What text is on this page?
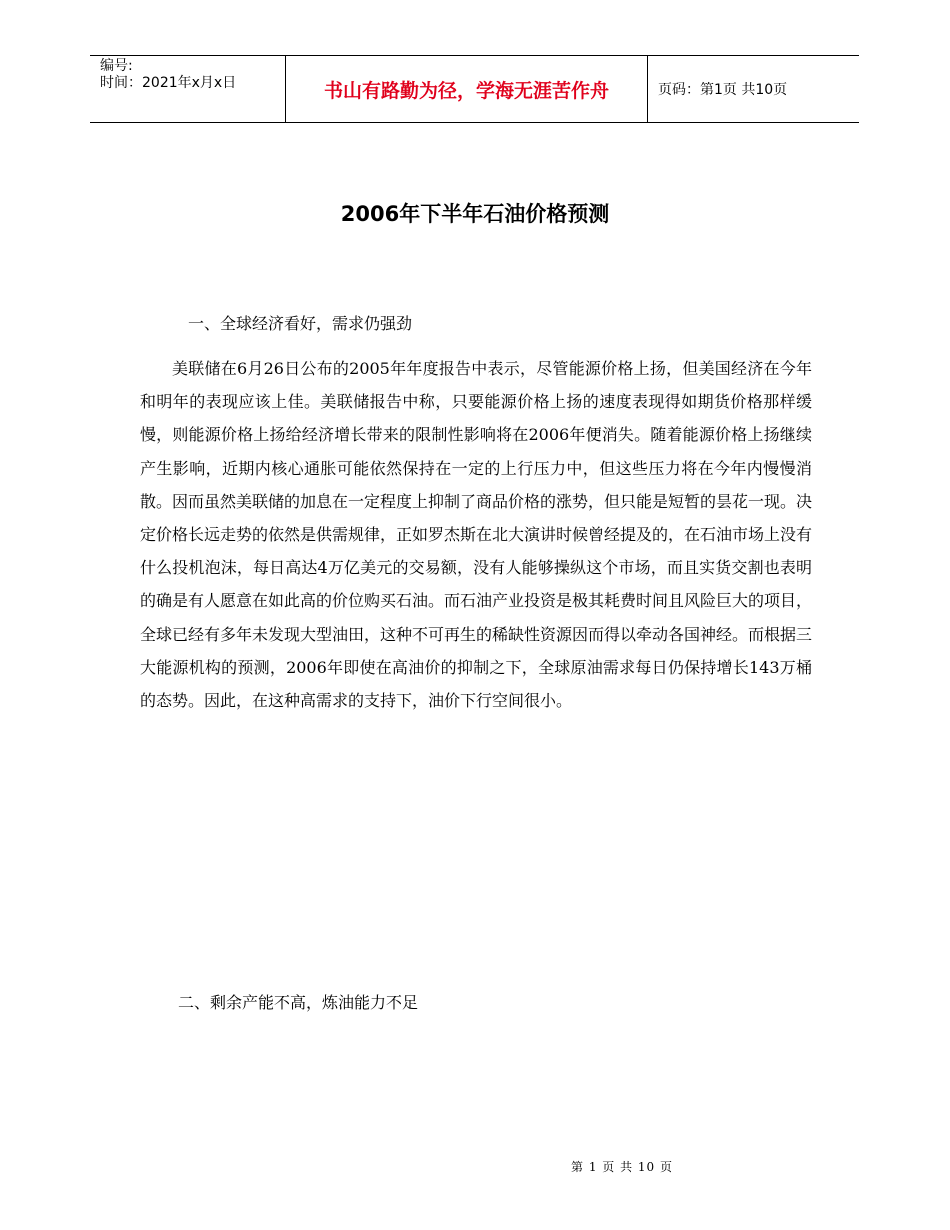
编号:
时间：2021年x月x日	书山有路勤为径，学海无涯苦作舟	页码：第1页 共10页
2006年下半年石油价格预测
一、全球经济看好，需求仍强劲
美联储在6月26日公布的2005年年度报告中表示，尽管能源价格上扬，但美国经济在今年和明年的表现应该上佳。美联储报告中称，只要能源价格上扬的速度表现得如期货价格那样缓慢，则能源价格上扬给经济增长带来的限制性影响将在2006年便消失。随着能源价格上扬继续产生影响，近期内核心通胀可能依然保持在一定的上行压力中，但这些压力将在今年内慢慢消散。因而虽然美联储的加息在一定程度上抑制了商品价格的涨势，但只能是短暂的昙花一现。决定价格长远走势的依然是供需规律，正如罗杰斯在北大演讲时候曾经提及的，在石油市场上没有什么投机泡沫，每日高达4万亿美元的交易额，没有人能够操纵这个市场，而且实货交割也表明的确是有人愿意在如此高的价位购买石油。而石油产业投资是极其耗费时间且风险巨大的项目，全球已经有多年未发现大型油田，这种不可再生的稀缺性资源因而得以牵动各国神经。而根据三大能源机构的预测，2006年即使在高油价的抑制之下，全球原油需求每日仍保持增长143万桶的态势。因此，在这种高需求的支持下，油价下行空间很小。
二、剩余产能不高，炼油能力不足
第 1 页 共 10 页
